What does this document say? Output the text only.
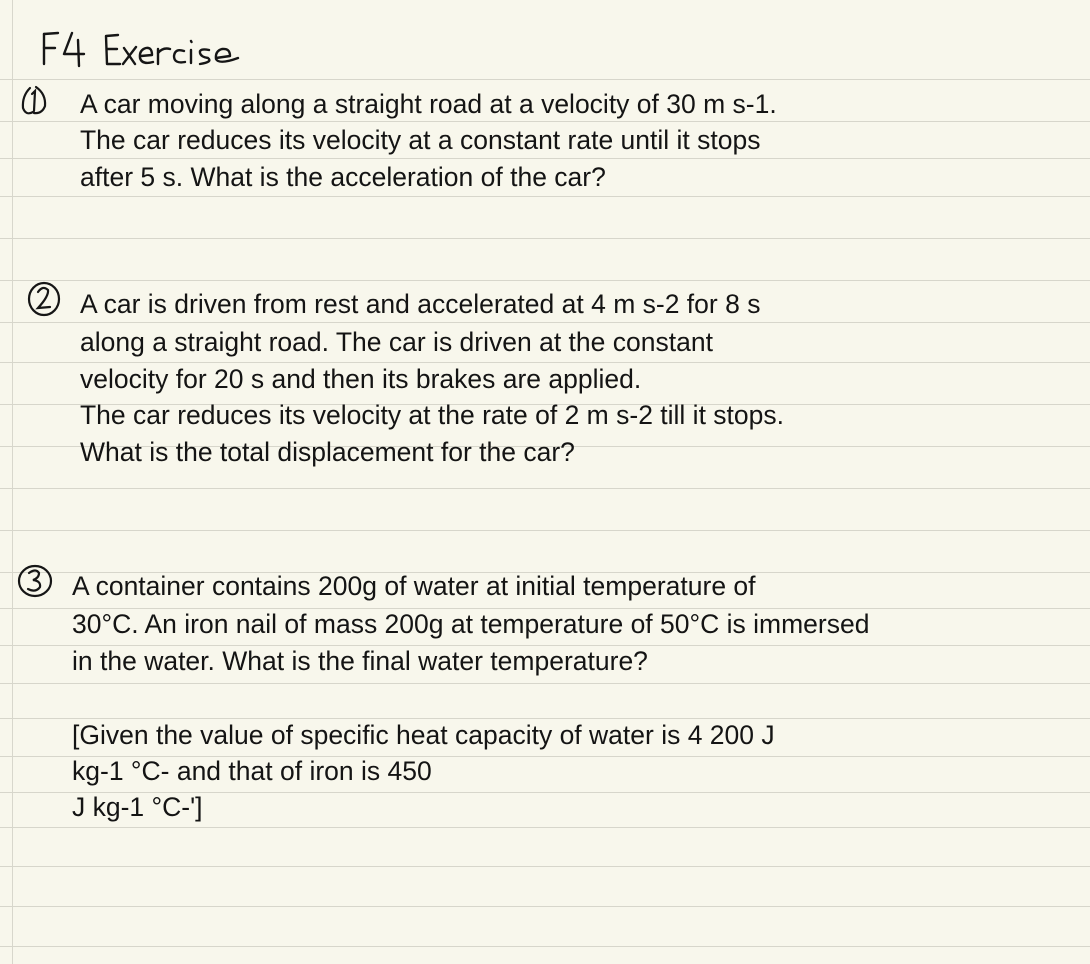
A car moving along a straight road at a velocity of 30 m s-1.
The car reduces its velocity at a constant rate until it stops
after 5 s. What is the acceleration of the car?
A car is driven from rest and accelerated at 4 m s-2 for 8 s
along a straight road. The car is driven at the constant
velocity for 20 s and then its brakes are applied.
The car reduces its velocity at the rate of 2 m s-2 till it stops.
What is the total displacement for the car?
A container contains 200g of water at initial temperature of
30°C. An iron nail of mass 200g at temperature of 50°C is immersed
in the water. What is the final water temperature?
[Given the value of specific heat capacity of water is 4 200 J
kg-1 °C- and that of iron is 450
J kg-1 °C-']
